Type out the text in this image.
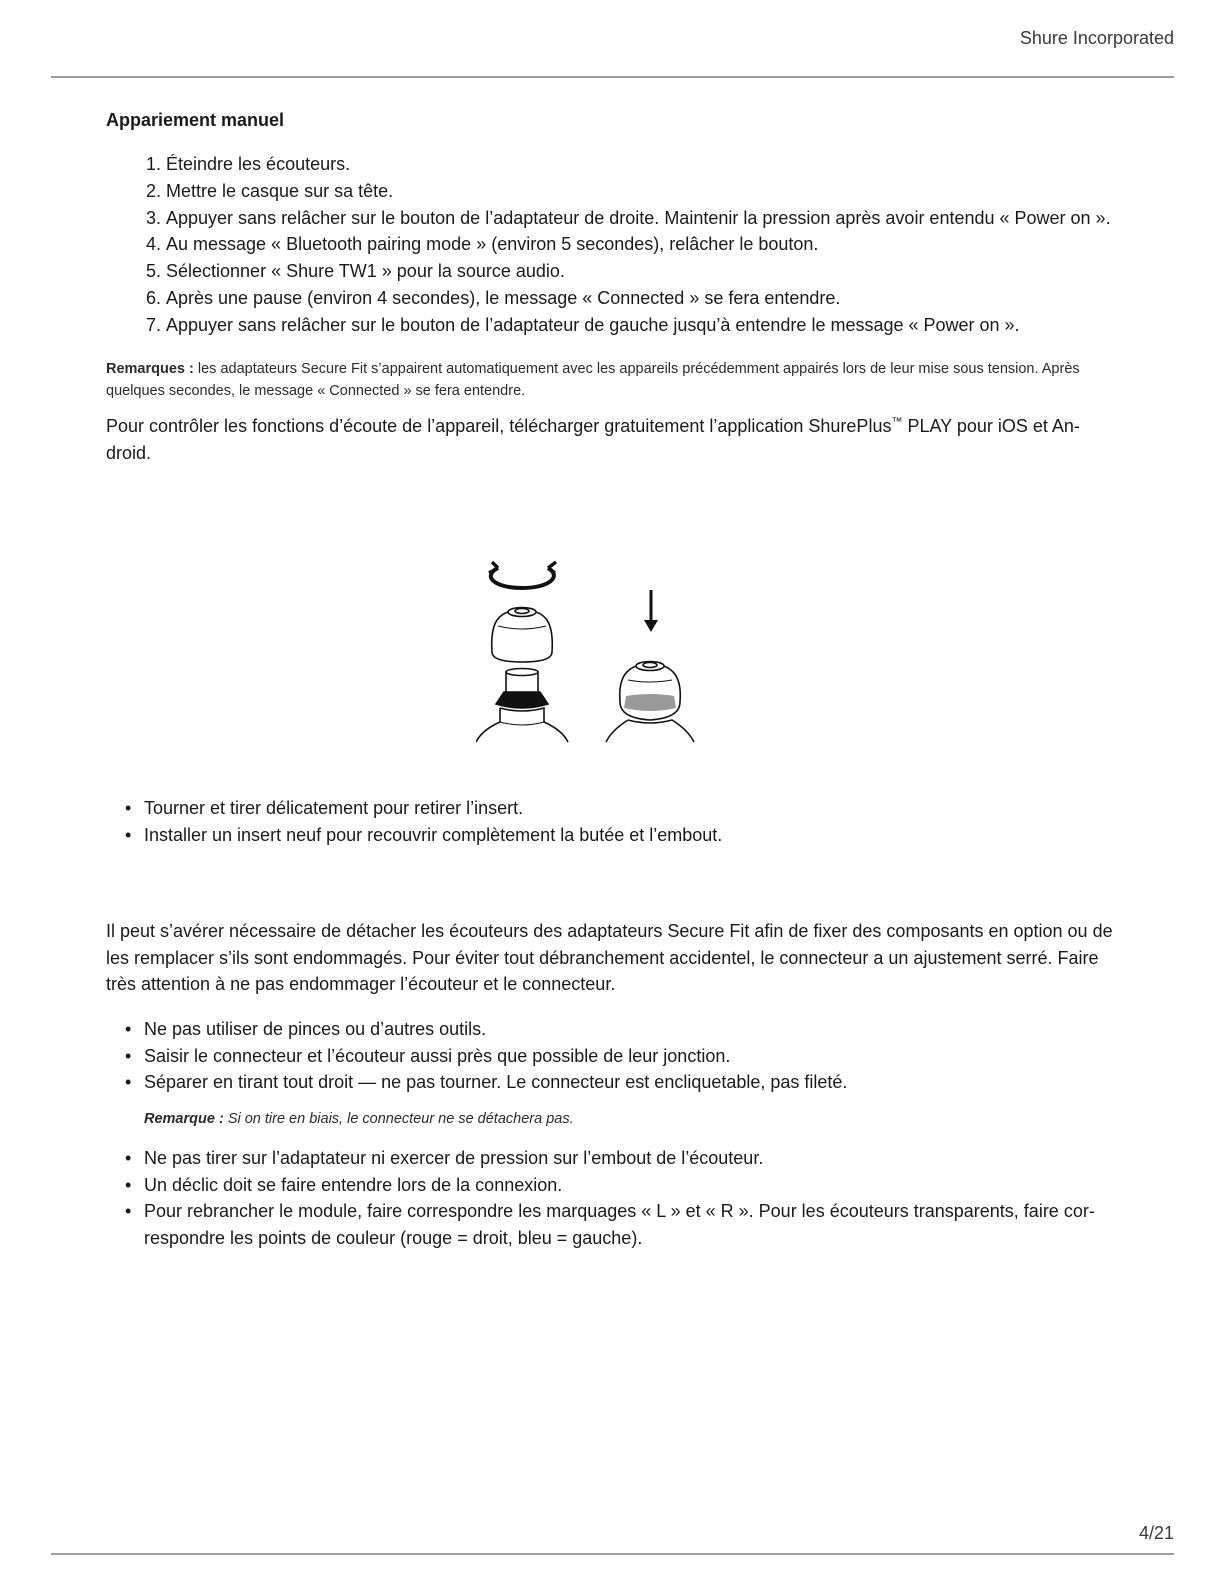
Shure Incorporated

Appariement manuel
1. Éteindre les écouteurs.
2. Mettre le casque sur sa tête.
3. Appuyer sans relâcher sur le bouton de l’adaptateur de droite. Maintenir la pression après avoir entendu « Power on ».
4. Au message « Bluetooth pairing mode » (environ 5 secondes), relâcher le bouton.
5. Sélectionner « Shure TW1 » pour la source audio.
6. Après une pause (environ 4 secondes), le message « Connected » se fera entendre.
7. Appuyer sans relâcher sur le bouton de l’adaptateur de gauche jusqu’à entendre le message « Power on ».

Remarques : les adaptateurs Secure Fit s’appairent automatiquement avec les appareils précédemment appairés lors de leur mise sous tension. Après quelques secondes, le message « Connected » se fera entendre.

Pour contrôler les fonctions d’écoute de l’appareil, télécharger gratuitement l’application ShurePlus™ PLAY pour iOS et An-droid.

• Tourner et tirer délicatement pour retirer l’insert.
• Installer un insert neuf pour recouvrir complètement la butée et l’embout.

Il peut s’avérer nécessaire de détacher les écouteurs des adaptateurs Secure Fit afin de fixer des composants en option ou de les remplacer s’ils sont endommagés. Pour éviter tout débranchement accidentel, le connecteur a un ajustement serré. Faire très attention à ne pas endommager l’écouteur et le connecteur.

• Ne pas utiliser de pinces ou d’autres outils.
• Saisir le connecteur et l’écouteur aussi près que possible de leur jonction.
• Séparer en tirant tout droit — ne pas tourner. Le connecteur est encliquetable, pas fileté.

Remarque : Si on tire en biais, le connecteur ne se détachera pas.

• Ne pas tirer sur l’adaptateur ni exercer de pression sur l’embout de l’écouteur.
• Un déclic doit se faire entendre lors de la connexion.
• Pour rebrancher le module, faire correspondre les marquages « L » et « R ». Pour les écouteurs transparents, faire cor-respondre les points de couleur (rouge = droit, bleu = gauche).

4/21
